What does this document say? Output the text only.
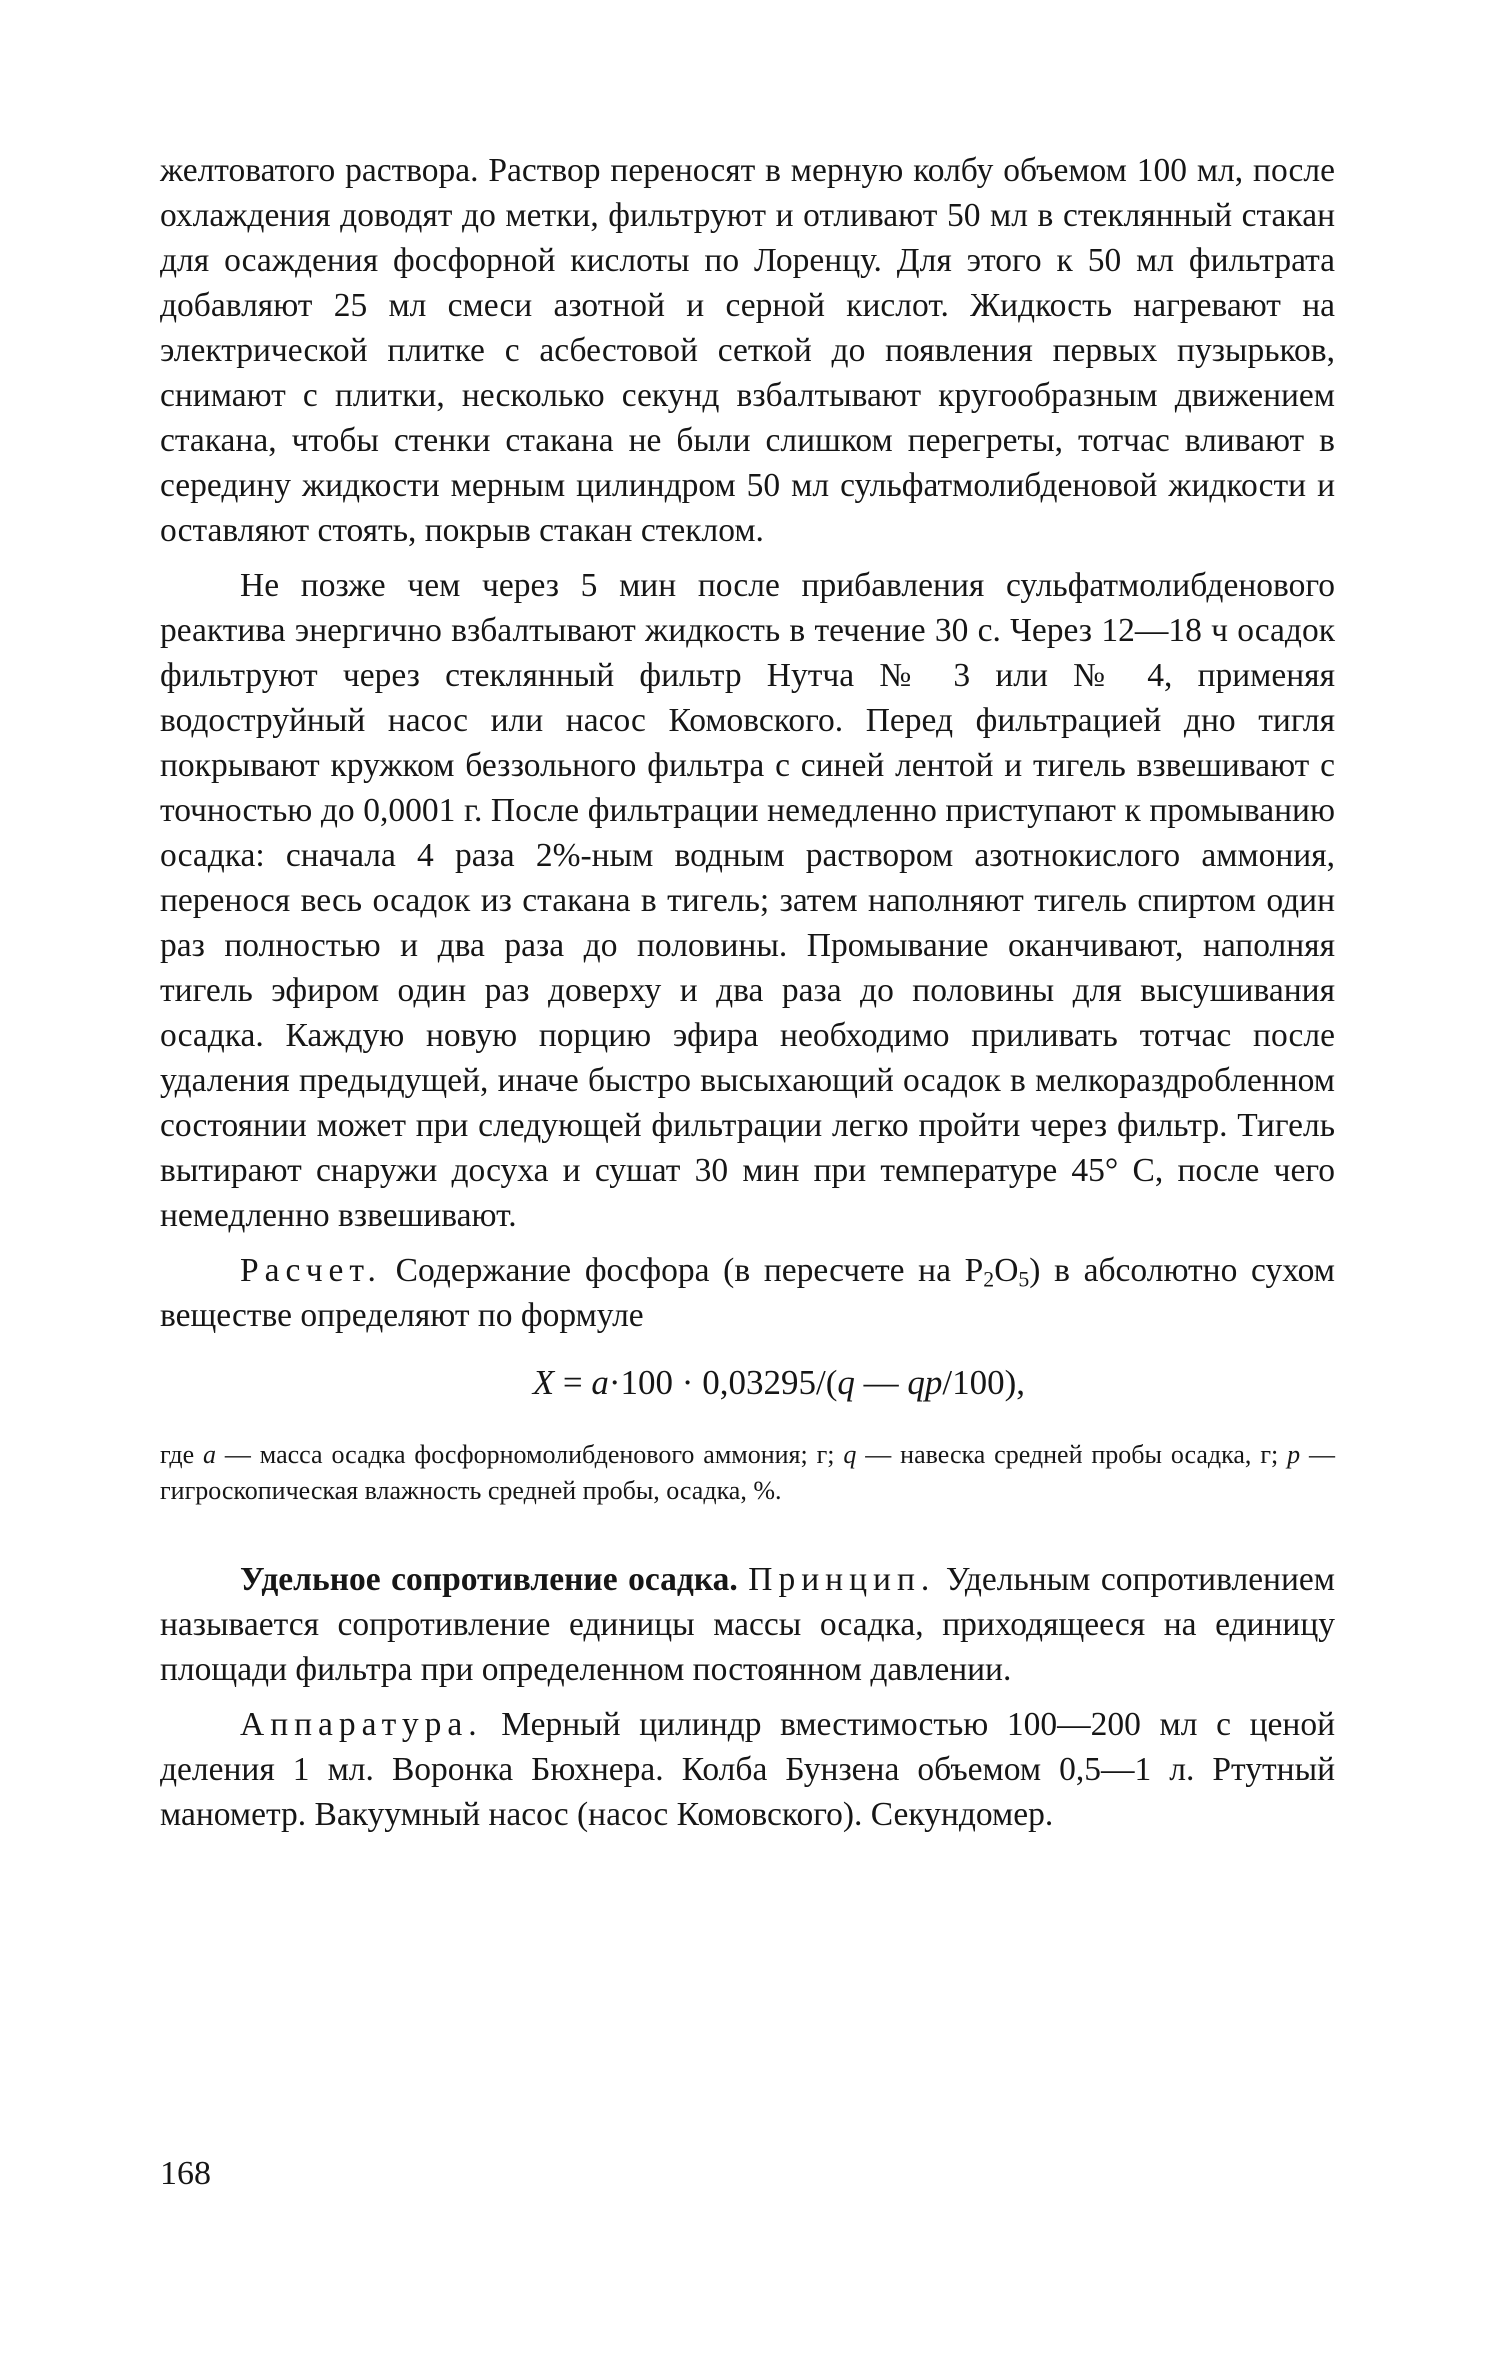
желтоватого раствора. Раствор переносят в мерную колбу объемом 100 мл, после охлаждения доводят до метки, фильтруют и отливают 50 мл в стеклянный стакан для осаждения фосфорной кислоты по Лоренцу. Для этого к 50 мл фильтрата добавляют 25 мл смеси азотной и серной кислот. Жидкость нагревают на электрической плитке с асбестовой сеткой до появления первых пузырьков, снимают с плитки, несколько секунд взбалтывают кругообразным движением стакана, чтобы стенки стакана не были слишком перегреты, тотчас вливают в середину жидкости мерным цилиндром 50 мл сульфатмолибденовой жидкости и оставляют стоять, покрыв стакан стеклом.

Не позже чем через 5 мин после прибавления сульфатмолибденового реактива энергично взбалтывают жидкость в течение 30 с. Через 12—18 ч осадок фильтруют через стеклянный фильтр Нутча № 3 или № 4, применяя водоструйный насос или насос Комовского. Перед фильтрацией дно тигля покрывают кружком беззольного фильтра с синей лентой и тигель взвешивают с точностью до 0,0001 г. После фильтрации немедленно приступают к промыванию осадка: сначала 4 раза 2%-ным водным раствором азотнокислого аммония, перенося весь осадок из стакана в тигель; затем наполняют тигель спиртом один раз полностью и два раза до половины. Промывание оканчивают, наполняя тигель эфиром один раз доверху и два раза до половины для высушивания осадка. Каждую новую порцию эфира необходимо приливать тотчас после удаления предыдущей, иначе быстро высыхающий осадок в мелкораздробленном состоянии может при следующей фильтрации легко пройти через фильтр. Тигель вытирают снаружи досуха и сушат 30 мин при температуре 45° С, после чего немедленно взвешивают.

Расчет. Содержание фосфора (в пересчете на $P_2O_5$) в абсолютно сухом веществе определяют по формуле

X = a·100 · 0,03295/(q — qp/100),

где a — масса осадка фосфорномолибденового аммония; г; q — навеска средней пробы осадка, г; p — гигроскопическая влажность средней пробы, осадка, %.

Удельное сопротивление осадка. Принцип. Удельным сопротивлением называется сопротивление единицы массы осадка, приходящееся на единицу площади фильтра при определенном постоянном давлении.

Аппаратура. Мерный цилиндр вместимостью 100—200 мл с ценой деления 1 мл. Воронка Бюхнера. Колба Бунзена объемом 0,5—1 л. Ртутный манометр. Вакуумный насос (насос Комовского). Секундомер.

168
